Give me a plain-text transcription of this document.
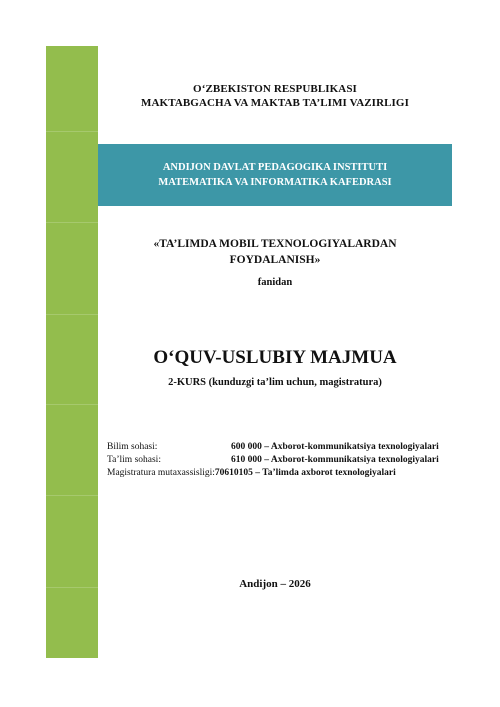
O‘ZBEKISTON RESPUBLIKASI
MAKTABGACHA VA MAKTAB TA’LIMI VAZIRLIGI
ANDIJON DAVLAT PEDAGOGIKA INSTITUTI
MATEMATIKA VA INFORMATIKA KAFEDRASI
«TA’LIMDA MOBIL TEXNOLOGIYALARDAN
FOYDALANISH»
fanidan
O‘QUV-USLUBIY MAJMUA
2-KURS (kunduzgi ta’lim uchun, magistratura)
Bilim sohasi:	600 000 – Axborot-kommunikatsiya texnologiyalari
Ta’lim sohasi:	610 000 – Axborot-kommunikatsiya texnologiyalari
Magistratura mutaxassisligi: 70610105 – Ta’limda axborot texnologiyalari
Andijon – 2026
